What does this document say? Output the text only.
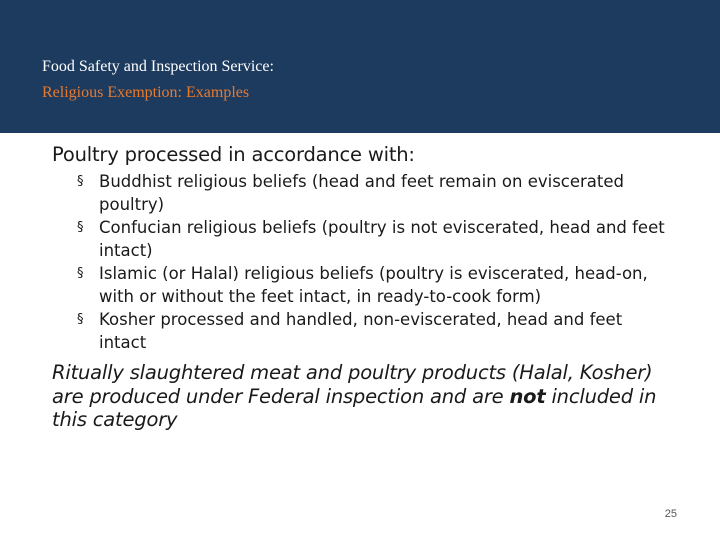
Food Safety and Inspection Service:
Religious Exemption: Examples

Poultry processed in accordance with:

§ Buddhist religious beliefs (head and feet remain on eviscerated poultry)
§ Confucian religious beliefs (poultry is not eviscerated, head and feet intact)
§ Islamic (or Halal) religious beliefs (poultry is eviscerated, head-on, with or without the feet intact, in ready-to-cook form)
§ Kosher processed and handled, non-eviscerated, head and feet intact

Ritually slaughtered meat and poultry products (Halal, Kosher) are produced under Federal inspection and are not included in this category

25
